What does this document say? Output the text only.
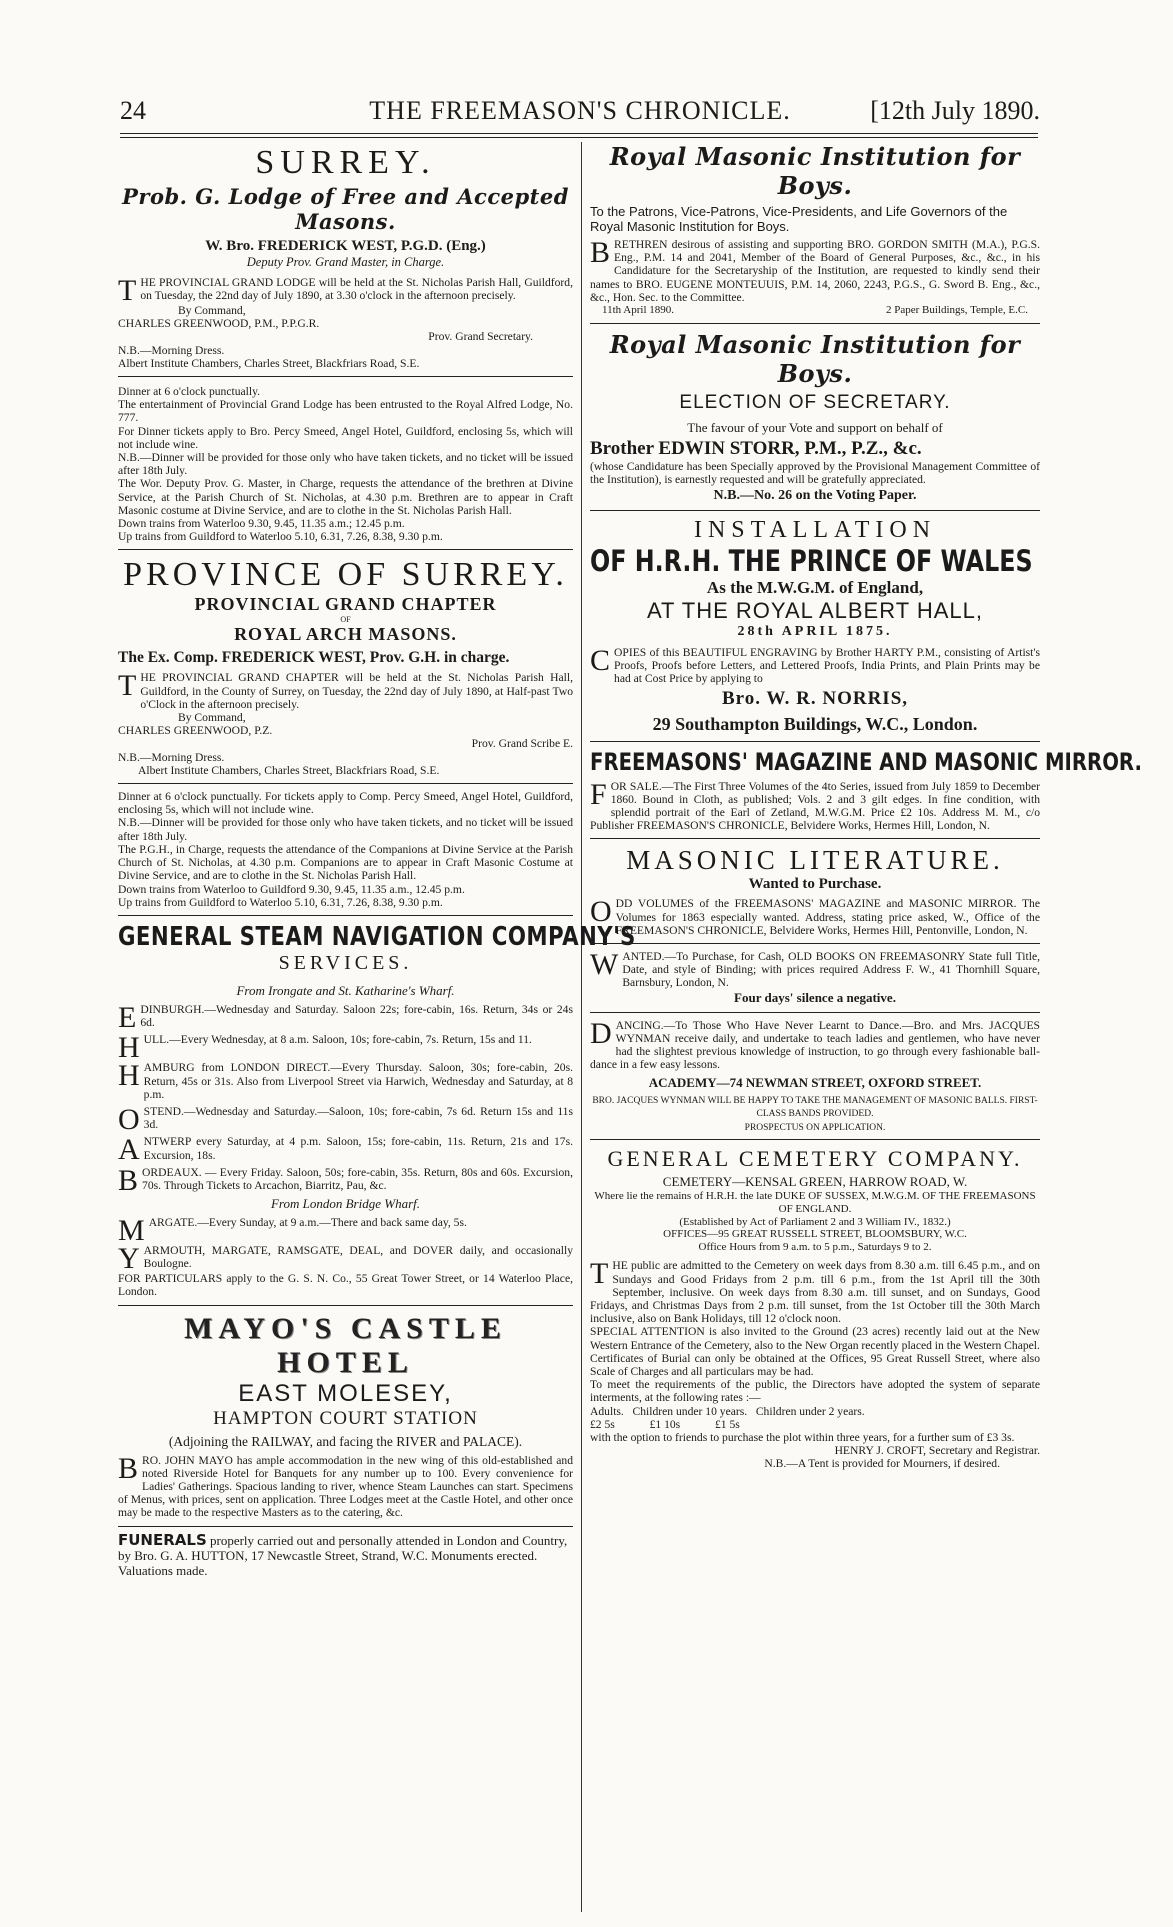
24	THE FREEMASON'S CHRONICLE.	[12th July 1890.
SURREY.
Prob. G. Lodge of Free and Accepted Masons.
W. Bro. FREDERICK WEST, P.G.D. (Eng.)
Deputy Prov. Grand Master, in Charge.

THE PROVINCIAL GRAND LODGE will be held at the St. Nicholas Parish Hall, Guildford, on Tuesday, the 22nd day of July 1890, at 3.30 o'clock in the afternoon precisely.

By Command,
CHARLES GREENWOOD, P.M., P.P.G.R.
Prov. Grand Secretary.
N.B.—Morning Dress.
Albert Institute Chambers, Charles Street, Blackfriars Road, S.E.
Dinner at 6 o'clock punctually.
The entertainment of Provincial Grand Lodge has been entrusted to the Royal Alfred Lodge, No. 777.
For Dinner tickets apply to Bro. Percy Smeed, Angel Hotel, Guildford, enclosing 5s, which will not include wine.
N.B.—Dinner will be provided for those only who have taken tickets, and no ticket will be issued after 18th July.
The Wor. Deputy Prov. G. Master, in Charge, requests the attendance of the brethren at Divine Service, at the Parish Church of St. Nicholas, at 4.30 p.m. Brethren are to appear in Craft Masonic costume at Divine Service, and are to clothe in the St. Nicholas Parish Hall.
Down trains from Waterloo 9.30, 9.45, 11.35 a.m.; 12.45 p.m.
Up trains from Guildford to Waterloo 5.10, 6.31, 7.26, 8.38, 9.30 p.m.
PROVINCE OF SURREY.
PROVINCIAL GRAND CHAPTER
OF
ROYAL ARCH MASONS.
The Ex. Comp. FREDERICK WEST, Prov. G.H. in charge.

THE PROVINCIAL GRAND CHAPTER will be held at the St. Nicholas Parish Hall, Guildford, in the County of Surrey, on Tuesday, the 22nd day of July 1890, at Half-past Two o'Clock in the afternoon precisely.

By Command,
CHARLES GREENWOOD, P.Z.
Prov. Grand Scribe E.
N.B.—Morning Dress.
Albert Institute Chambers, Charles Street, Blackfriars Road, S.E.
Dinner at 6 o'clock punctually. For tickets apply to Comp. Percy Smeed, Angel Hotel, Guildford, enclosing 5s, which will not include wine.
N.B.—Dinner will be provided for those only who have taken tickets, and no ticket will be issued after 18th July.
The P.G.H., in Charge, requests the attendance of the Companions at Divine Service at the Parish Church of St. Nicholas, at 4.30 p.m. Companions are to appear in Craft Masonic Costume at Divine Service, and are to clothe in the St. Nicholas Parish Hall.
Down trains from Waterloo to Guildford 9.30, 9.45, 11.35 a.m., 12.45 p.m.
Up trains from Guildford to Waterloo 5.10, 6.31, 7.26, 8.38, 9.30 p.m.
GENERAL STEAM NAVIGATION COMPANY'S
SERVICES.
From Irongate and St. Katharine's Wharf.

EDINBURGH.—Wednesday and Saturday. Saloon 22s; fore-cabin, 16s. Return, 34s or 24s 6d.

HULL.—Every Wednesday, at 8 a.m. Saloon, 10s; fore-cabin, 7s. Return, 15s and 11.

HAMBURG from LONDON DIRECT.—Every Thursday. Saloon, 30s; fore-cabin, 20s. Return, 45s or 31s. Also from Liverpool Street via Harwich, Wednesday and Saturday, at 8 p.m.

OSTEND.—Wednesday and Saturday.—Saloon, 10s; fore-cabin, 7s 6d. Return 15s and 11s 3d.

ANTWERP every Saturday, at 4 p.m. Saloon, 15s; fore-cabin, 11s. Return, 21s and 17s. Excursion, 18s.

BORDEAUX. — Every Friday. Saloon, 50s; fore-cabin, 35s. Return, 80s and 60s. Excursion, 70s. Through Tickets to Arcachon, Biarritz, Pau, &c.

From London Bridge Wharf.

MARGATE.—Every Sunday, at 9 a.m.—There and back same day, 5s.

YARMOUTH, MARGATE, RAMSGATE, DEAL, and DOVER daily, and occasionally Boulogne.

FOR PARTICULARS apply to the G. S. N. Co., 55 Great Tower Street, or 14 Waterloo Place, London.
MAYO'S CASTLE HOTEL
EAST MOLESEY,
HAMPTON COURT STATION
(Adjoining the RAILWAY, and facing the RIVER and PALACE).

BRO. JOHN MAYO has ample accommodation in the new wing of this old-established and noted Riverside Hotel for Banquets for any number up to 100. Every convenience for Ladies' Gatherings. Spacious landing to river, whence Steam Launches can start. Specimens of Menus, with prices, sent on application. Three Lodges meet at the Castle Hotel, and other once may be made to the respective Masters as to the catering, &c.

FUNERALS properly carried out and personally attended in London and Country, by Bro. G. A. HUTTON, 17 Newcastle Street, Strand, W.C. Monuments erected. Valuations made.
Royal Masonic Institution for Boys.
To the Patrons, Vice-Patrons, Vice-Presidents, and Life Governors of the Royal Masonic Institution for Boys.

BRETHREN desirous of assisting and supporting BRO. GORDON SMITH (M.A.), P.G.S. Eng., P.M. 14 and 2041, Member of the Board of General Purposes, &c., &c., in his Candidature for the Secretaryship of the Institution, are requested to kindly send their names to BRO. EUGENE MONTEUUIS, P.M. 14, 2060, 2243, P.G.S., G. Sword B. Eng., &c., &c., Hon. Sec. to the Committee.

11th April 1890.	2 Paper Buildings, Temple, E.C.
Royal Masonic Institution for Boys.
ELECTION OF SECRETARY.
The favour of your Vote and support on behalf of
Brother EDWIN STORR, P.M., P.Z., &c.
(whose Candidature has been Specially approved by the Provisional Management Committee of the Institution), is earnestly requested and will be gratefully appreciated.
N.B.—No. 26 on the Voting Paper.
INSTALLATION
OF H.R.H. THE PRINCE OF WALES
As the M.W.G.M. of England,
AT THE ROYAL ALBERT HALL,
28th APRIL 1875.

COPIES of this BEAUTIFUL ENGRAVING by Brother HARTY P.M., consisting of Artist's Proofs, Proofs before Letters, and Lettered Proofs, India Prints, and Plain Prints may be had at Cost Price by applying to

Bro. W. R. NORRIS,
29 Southampton Buildings, W.C., London.
FREEMASONS' MAGAZINE AND MASONIC MIRROR.

FOR SALE.—The First Three Volumes of the 4to Series, issued from July 1859 to December 1860. Bound in Cloth, as published; Vols. 2 and 3 gilt edges. In fine condition, with splendid portrait of the Earl of Zetland, M.W.G.M. Price £2 10s. Address M. M., c/o Publisher FREEMASON'S CHRONICLE, Belvidere Works, Hermes Hill, London, N.

MASONIC LITERATURE.
Wanted to Purchase.

ODD VOLUMES of the FREEMASONS' MAGAZINE and MASONIC MIRROR. The Volumes for 1863 especially wanted. Address, stating price asked, W., Office of the FREEMASON'S CHRONICLE, Belvidere Works, Hermes Hill, Pentonville, London, N.

WANTED.—To Purchase, for Cash, OLD BOOKS ON FREEMASONRY State full Title, Date, and style of Binding; with prices required Address F. W., 41 Thornhill Square, Barnsbury, London, N.

Four days' silence a negative.

DANCING.—To Those Who Have Never Learnt to Dance.—Bro. and Mrs. JACQUES WYNMAN receive daily, and undertake to teach ladies and gentlemen, who have never had the slightest previous knowledge of instruction, to go through every fashionable ball-dance in a few easy lessons.

ACADEMY—74 NEWMAN STREET, OXFORD STREET.
BRO. JACQUES WYNMAN WILL BE HAPPY TO TAKE THE MANAGEMENT OF MASONIC BALLS. FIRST-CLASS BANDS PROVIDED.
PROSPECTUS ON APPLICATION.
GENERAL CEMETERY COMPANY.
CEMETERY—KENSAL GREEN, HARROW ROAD, W.
Where lie the remains of H.R.H. the late DUKE OF SUSSEX, M.W.G.M. OF THE FREEMASONS OF ENGLAND.
(Established by Act of Parliament 2 and 3 William IV., 1832.)
OFFICES—95 GREAT RUSSELL STREET, BLOOMSBURY, W.C.
Office Hours from 9 a.m. to 5 p.m., Saturdays 9 to 2.

THE public are admitted to the Cemetery on week days from 8.30 a.m. till 6.45 p.m., and on Sundays and Good Fridays from 2 p.m. till 6 p.m., from the 1st April till the 30th September, inclusive. On week days from 8.30 a.m. till sunset, and on Sundays, Good Fridays, and Christmas Days from 2 p.m. till sunset, from the 1st October till the 30th March inclusive, also on Bank Holidays, till 12 o'clock noon.

SPECIAL ATTENTION is also invited to the Ground (23 acres) recently laid out at the New Western Entrance of the Cemetery, also to the New Organ recently placed in the Western Chapel.
Certificates of Burial can only be obtained at the Offices, 95 Great Russell Street, where also Scale of Charges and all particulars may be had.
To meet the requirements of the public, the Directors have adopted the system of separate interments, at the following rates :—
Adults.   Children under 10 years.   Children under 2 years.
£2 5s            £1 10s            £1 5s
with the option to friends to purchase the plot within three years, for a further sum of £3 3s.
HENRY J. CROFT, Secretary and Registrar.
N.B.—A Tent is provided for Mourners, if desired.
